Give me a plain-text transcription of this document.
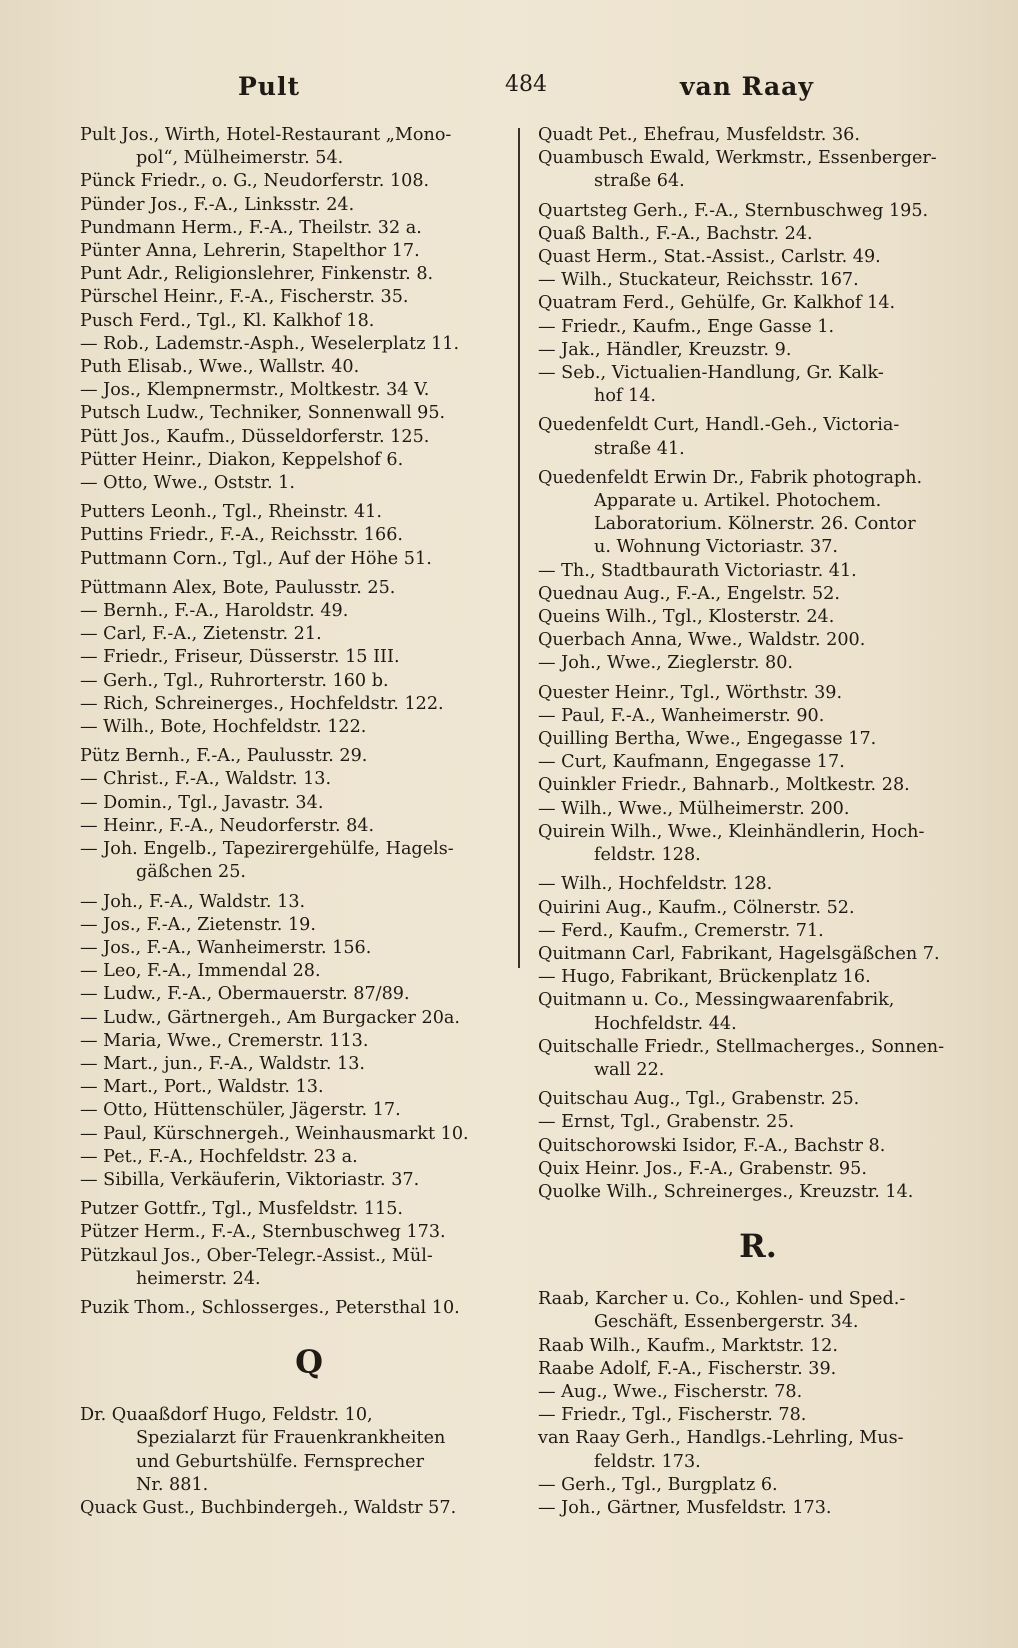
Pult	484	van Raay

Pult Jos., Wirth, Hotel-Restaurant „Mono-
pol“, Mülheimerstr. 54.

Pünck Friedr., o. G., Neudorferstr. 108.

Pünder Jos., F.-A., Linksstr. 24.

Pundmann Herm., F.-A., Theilstr. 32 a.

Pünter Anna, Lehrerin, Stapelthor 17.

Punt Adr., Religionslehrer, Finkenstr. 8.

Pürschel Heinr., F.-A., Fischerstr. 35.

Pusch Ferd., Tgl., Kl. Kalkhof 18.

— Rob., Lademstr.-Asph., Weselerplatz 11.

Puth Elisab., Wwe., Wallstr. 40.

— Jos., Klempnermstr., Moltkestr. 34 V.

Putsch Ludw., Techniker, Sonnenwall 95.

Pütt Jos., Kaufm., Düsseldorferstr. 125.

Pütter Heinr., Diakon, Keppelshof 6.

— Otto, Wwe., Oststr. 1.

Putters Leonh., Tgl., Rheinstr. 41.

Puttins Friedr., F.-A., Reichsstr. 166.

Puttmann Corn., Tgl., Auf der Höhe 51.

Püttmann Alex, Bote, Paulusstr. 25.

— Bernh., F.-A., Haroldstr. 49.

— Carl, F.-A., Zietenstr. 21.

— Friedr., Friseur, Düsserstr. 15 III.

— Gerh., Tgl., Ruhrorterstr. 160 b.

— Rich, Schreinerges., Hochfeldstr. 122.

— Wilh., Bote, Hochfeldstr. 122.

Pütz Bernh., F.-A., Paulusstr. 29.

— Christ., F.-A., Waldstr. 13.

— Domin., Tgl., Javastr. 34.

— Heinr., F.-A., Neudorferstr. 84.

— Joh. Engelb., Tapezirergehülfe, Hagels-
gäßchen 25.

— Joh., F.-A., Waldstr. 13.

— Jos., F.-A., Zietenstr. 19.

— Jos., F.-A., Wanheimerstr. 156.

— Leo, F.-A., Immendal 28.

— Ludw., F.-A., Obermauerstr. 87/89.

— Ludw., Gärtnergeh., Am Burgacker 20a.

— Maria, Wwe., Cremerstr. 113.

— Mart., jun., F.-A., Waldstr. 13.

— Mart., Port., Waldstr. 13.

— Otto, Hüttenschüler, Jägerstr. 17.

— Paul, Kürschnergeh., Weinhausmarkt 10.

— Pet., F.-A., Hochfeldstr. 23 a.

— Sibilla, Verkäuferin, Viktoriastr. 37.

Putzer Gottfr., Tgl., Musfeldstr. 115.

Pützer Herm., F.-A., Sternbuschweg 173.

Pützkaul Jos., Ober-Telegr.-Assist., Mül-
heimerstr. 24.

Puzik Thom., Schlosserges., Petersthal 10.

Q

Dr. Quaaßdorf Hugo, Feldstr. 10,
Spezialarzt für Frauenkrankheiten
und Geburtshülfe. Fernsprecher
Nr. 881.

Quack Gust., Buchbindergeh., Waldstr 57.

Quadt Pet., Ehefrau, Musfeldstr. 36.

Quambusch Ewald, Werkmstr., Essenberger-
straße 64.

Quartsteg Gerh., F.-A., Sternbuschweg 195.

Quaß Balth., F.-A., Bachstr. 24.

Quast Herm., Stat.-Assist., Carlstr. 49.

— Wilh., Stuckateur, Reichsstr. 167.

Quatram Ferd., Gehülfe, Gr. Kalkhof 14.

— Friedr., Kaufm., Enge Gasse 1.

— Jak., Händler, Kreuzstr. 9.

— Seb., Victualien-Handlung, Gr. Kalk-
hof 14.

Quedenfeldt Curt, Handl.-Geh., Victoria-
straße 41.

Quedenfeldt Erwin Dr., Fabrik photograph.
Apparate u. Artikel. Photochem.
Laboratorium. Kölnerstr. 26. Contor
u. Wohnung Victoriastr. 37.

— Th., Stadtbaurath Victoriastr. 41.

Quednau Aug., F.-A., Engelstr. 52.

Queins Wilh., Tgl., Klosterstr. 24.

Querbach Anna, Wwe., Waldstr. 200.

— Joh., Wwe., Zieglerstr. 80.

Quester Heinr., Tgl., Wörthstr. 39.

— Paul, F.-A., Wanheimerstr. 90.

Quilling Bertha, Wwe., Engegasse 17.

— Curt, Kaufmann, Engegasse 17.

Quinkler Friedr., Bahnarb., Moltkestr. 28.

— Wilh., Wwe., Mülheimerstr. 200.

Quirein Wilh., Wwe., Kleinhändlerin, Hoch-
feldstr. 128.

— Wilh., Hochfeldstr. 128.

Quirini Aug., Kaufm., Cölnerstr. 52.

— Ferd., Kaufm., Cremerstr. 71.

Quitmann Carl, Fabrikant, Hagelsgäßchen 7.

— Hugo, Fabrikant, Brückenplatz 16.

Quitmann u. Co., Messingwaarenfabrik,
Hochfeldstr. 44.

Quitschalle Friedr., Stellmacherges., Sonnen-
wall 22.

Quitschau Aug., Tgl., Grabenstr. 25.

— Ernst, Tgl., Grabenstr. 25.

Quitschorowski Isidor, F.-A., Bachstr 8.

Quix Heinr. Jos., F.-A., Grabenstr. 95.

Quolke Wilh., Schreinerges., Kreuzstr. 14.

R.

Raab, Karcher u. Co., Kohlen- und Sped.-
Geschäft, Essenbergerstr. 34.

Raab Wilh., Kaufm., Marktstr. 12.

Raabe Adolf, F.-A., Fischerstr. 39.

— Aug., Wwe., Fischerstr. 78.

— Friedr., Tgl., Fischerstr. 78.

van Raay Gerh., Handlgs.-Lehrling, Mus-
feldstr. 173.

— Gerh., Tgl., Burgplatz 6.

— Joh., Gärtner, Musfeldstr. 173.
